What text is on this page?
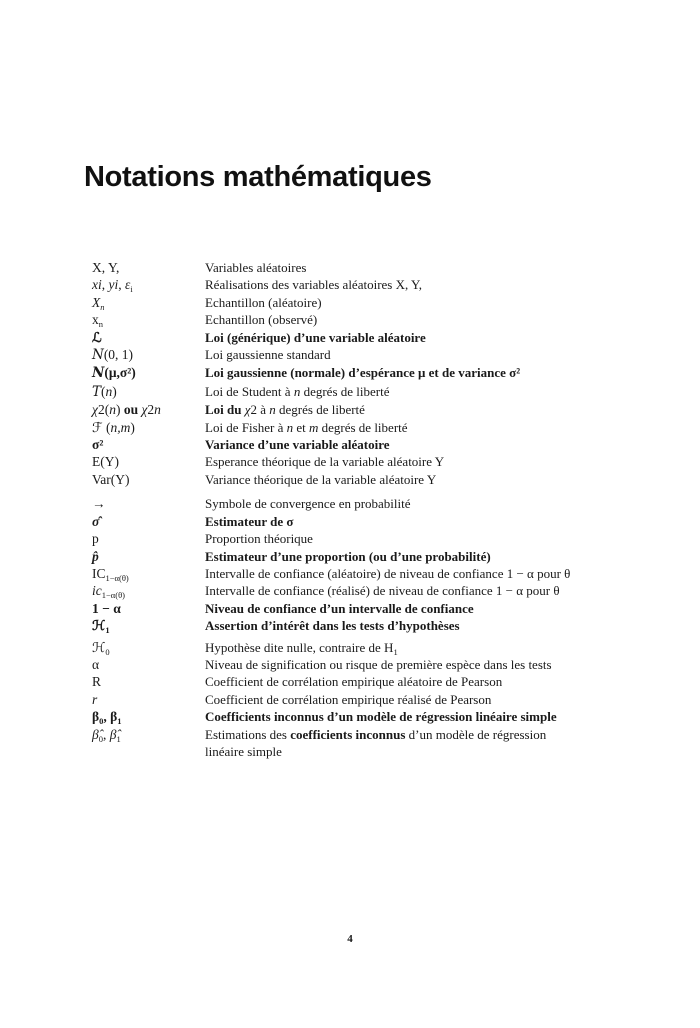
Notations mathématiques
X, Y,	Variables aléatoires
xi, yi, $\varepsilon_i$	Réalisations des variables aléatoires X, Y,
$X_n$	Echantillon (aléatoire)
$x_n$	Echantillon (observé)
ℒ	Loi (générique) d’une variable aléatoire
N(0, 1)	Loi gaussienne standard
N(μ,σ²)	Loi gaussienne (normale) d’espérance μ et de variance σ²
T(n)	Loi de Student à n degrés de liberté
χ2(n) ou χ2n	Loi du χ2 à n degrés de liberté
ℱ (n,m)	Loi de Fisher à n et m degrés de liberté
σ²	Variance d’une variable aléatoire
E(Y)	Esperance théorique de la variable aléatoire Y
Var(Y)	Variance théorique de la variable aléatoire Y
→	Symbole de convergence en probabilité
σ̂	Estimateur de σ
p	Proportion théorique
p̂	Estimateur d’une proportion (ou d’une probabilité)
$IC_{1-\alpha(\theta)}$	Intervalle de confiance (aléatoire) de niveau de confiance 1 − α pour θ
$ic_{1-\alpha(\theta)}$	Intervalle de confiance (réalisé) de niveau de confiance 1 − α pour θ
1 − α	Niveau de confiance d’un intervalle de confiance
ℋ$_1$	Assertion d’intérêt dans les tests d’hypothèses
ℋ$_0$	Hypothèse dite nulle, contraire de $H_1$
α	Niveau de signification ou risque de première espèce dans les tests
R	Coefficient de corrélation empirique aléatoire de Pearson
r	Coefficient de corrélation empirique réalisé de Pearson
$\beta_0$, $\beta_1$	Coefficients inconnus d’un modèle de régression linéaire simple
$\betâ_0$, $\betâ_1$	Estimations des coefficients inconnus d’un modèle de régression
linéaire simple
4
